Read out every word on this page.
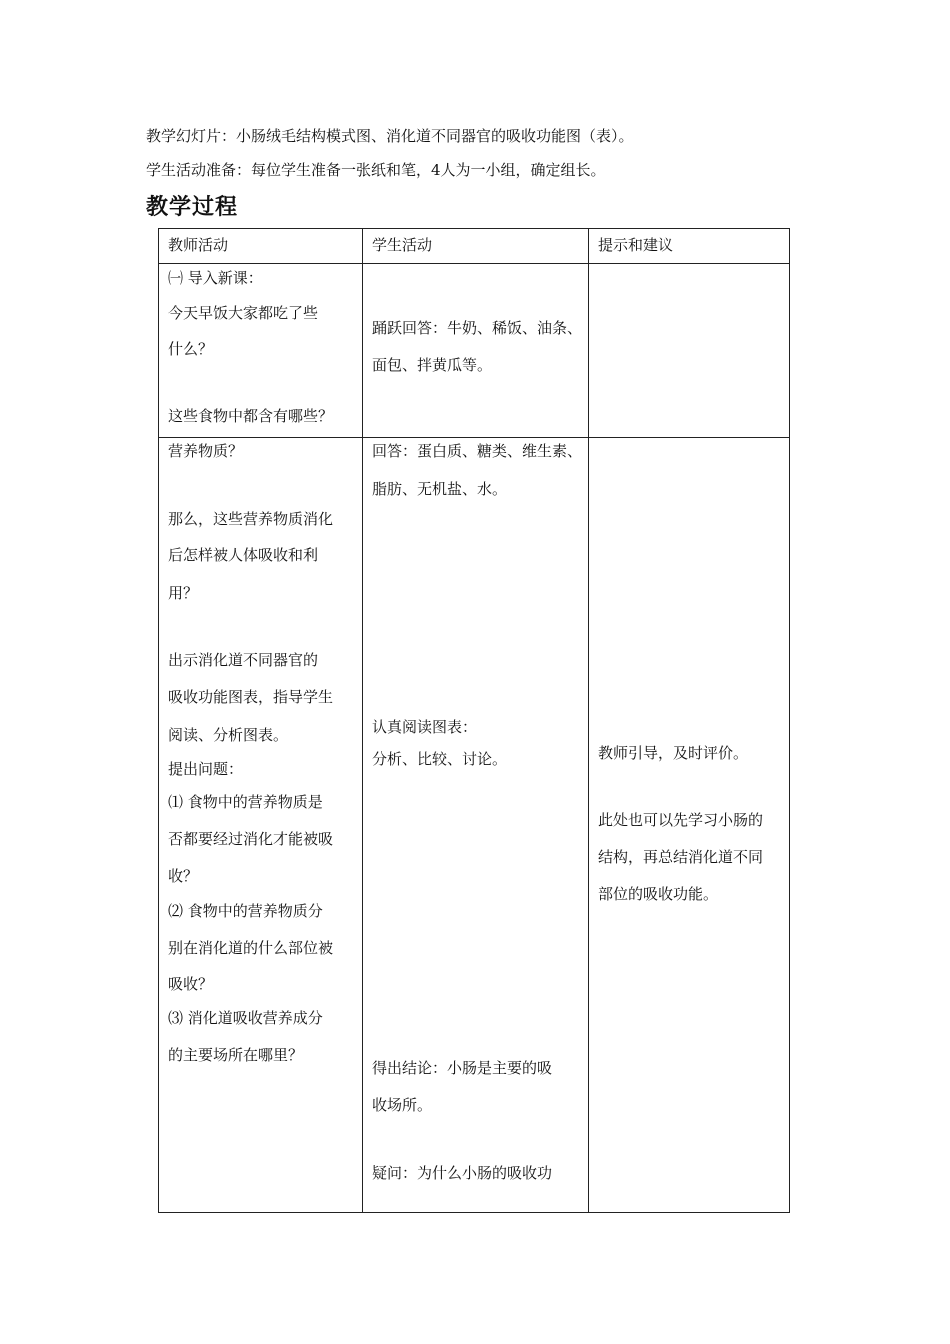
教学幻灯片：小肠绒毛结构模式图、消化道不同器官的吸收功能图（表）。
学生活动准备：每位学生准备一张纸和笔，4人为一小组，确定组长。
教学过程
教师活动	学生活动	提示和建议
㈠ 导入新课：
今天早饭大家都吃了些
什么？
这些食物中都含有哪些？
营养物质？
那么，这些营养物质消化
后怎样被人体吸收和利
用？
出示消化道不同器官的
吸收功能图表，指导学生
阅读、分析图表。
提出问题：
⑴ 食物中的营养物质是
否都要经过消化才能被吸
收？
⑵ 食物中的营养物质分
别在消化道的什么部位被
吸收？
⑶ 消化道吸收营养成分
的主要场所在哪里？
踊跃回答：牛奶、稀饭、油条、
面包、拌黄瓜等。
回答：蛋白质、糖类、维生素、
脂肪、无机盐、水。
认真阅读图表：
分析、比较、讨论。
得出结论：小肠是主要的吸
收场所。
疑问：为什么小肠的吸收功
教师引导，及时评价。
此处也可以先学习小肠的
结构，再总结消化道不同
部位的吸收功能。
